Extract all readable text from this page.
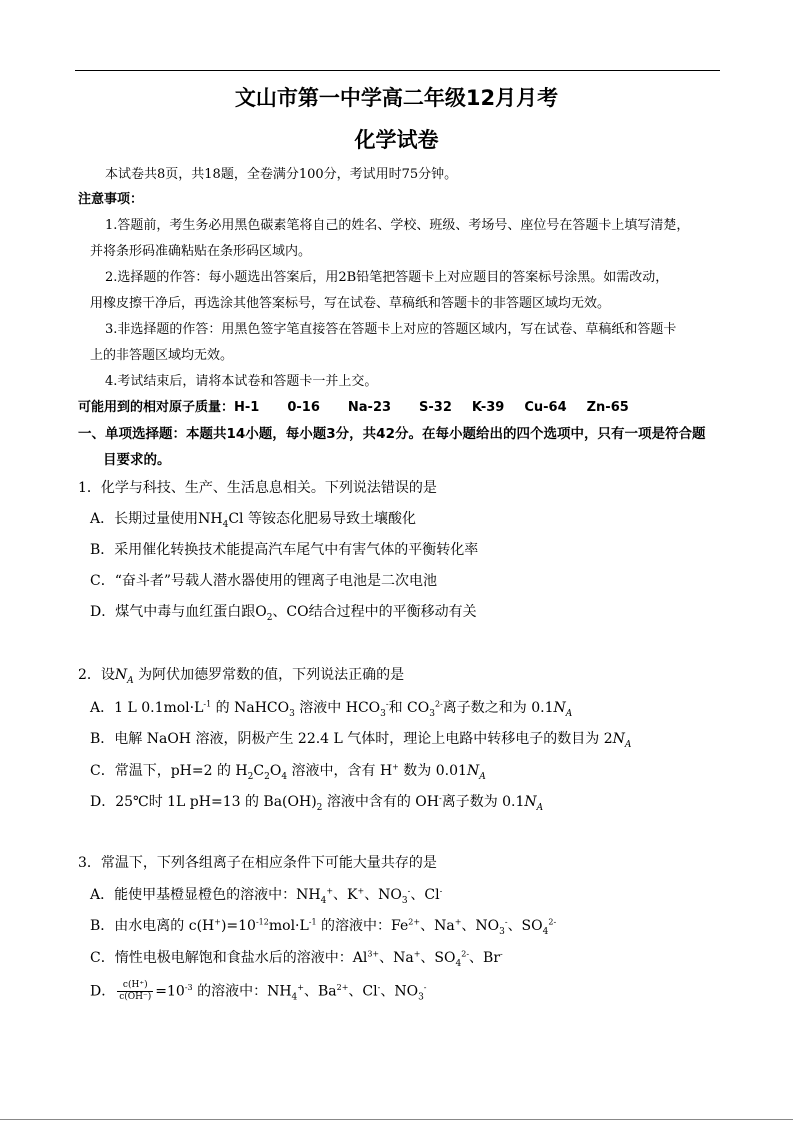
文山市第一中学高二年级12月月考
化学试卷
本试卷共8页，共18题，全卷满分100分，考试用时75分钟。
注意事项：
1.答题前，考生务必用黑色碳素笔将自己的姓名、学校、班级、考场号、座位号在答题卡上填写清楚，
并将条形码准确粘贴在条形码区域内。
2.选择题的作答：每小题选出答案后，用2B铅笔把答题卡上对应题目的答案标号涂黑。如需改动，
用橡皮擦干净后，再选涂其他答案标号，写在试卷、草稿纸和答题卡的非答题区域均无效。
3.非选择题的作答：用黑色签字笔直接答在答题卡上对应的答题区域内，写在试卷、草稿纸和答题卡
上的非答题区域均无效。
4.考试结束后，请将本试卷和答题卡一并上交。
可能用到的相对原子质量：H-1 0-16 Na-23 S-32 K-39 Cu-64 Zn-65
一、单项选择题：本题共14小题，每小题3分，共42分。在每小题给出的四个选项中，只有一项是符合题
目要求的。
1．化学与科技、生产、生活息息相关。下列说法错误的是
A．长期过量使用$NH_4Cl$ 等铵态化肥易导致土壤酸化
B．采用催化转换技术能提高汽车尾气中有害气体的平衡转化率
C．“奋斗者”号载人潜水器使用的锂离子电池是二次电池
D．煤气中毒与血红蛋白跟$O_2$、CO结合过程中的平衡移动有关
2．设$N_A$ 为阿伏加德罗常数的值，下列说法正确的是
A．1 L $0.1mol\cdot L^{-1}$ 的 NaHCO$_3$ 溶液中 $HCO_3^-$和 $CO_3^{2-}$离子数之和为 $0.1N_A$
B．电解 NaOH 溶液，阴极产生 22.4 L 气体时，理论上电路中转移电子的数目为 $2N_A$
C．常温下，pH=2 的 $H_2C_2O_4$ 溶液中，含有 H+ 数为 $0.01N_A$
D．25℃时 1L pH=13 的 $Ba(OH)_2$ 溶液中含有的 OH-离子数为 $0.1N_A$
3．常温下，下列各组离子在相应条件下可能大量共存的是
A．能使甲基橙显橙色的溶液中：$NH_4^+$、K+、$NO_3^-$、Cl-
B．由水电离的 $c(H^+)=10^{-12}mol\cdot L^{-1}$ 的溶液中：$Fe^{2+}$、Na+、$NO_3^-$、$SO_4^{2-}$
C．惰性电极电解饱和食盐水后的溶液中：$Al^{3+}$、Na+、$SO_4^{2-}$、Br-
D． $\frac{c(H^+)}{c(OH^-)} =10^{-3}$ 的溶液中：$NH_4^+$、$Ba^{2+}$、Cl-、$NO_3^-$
